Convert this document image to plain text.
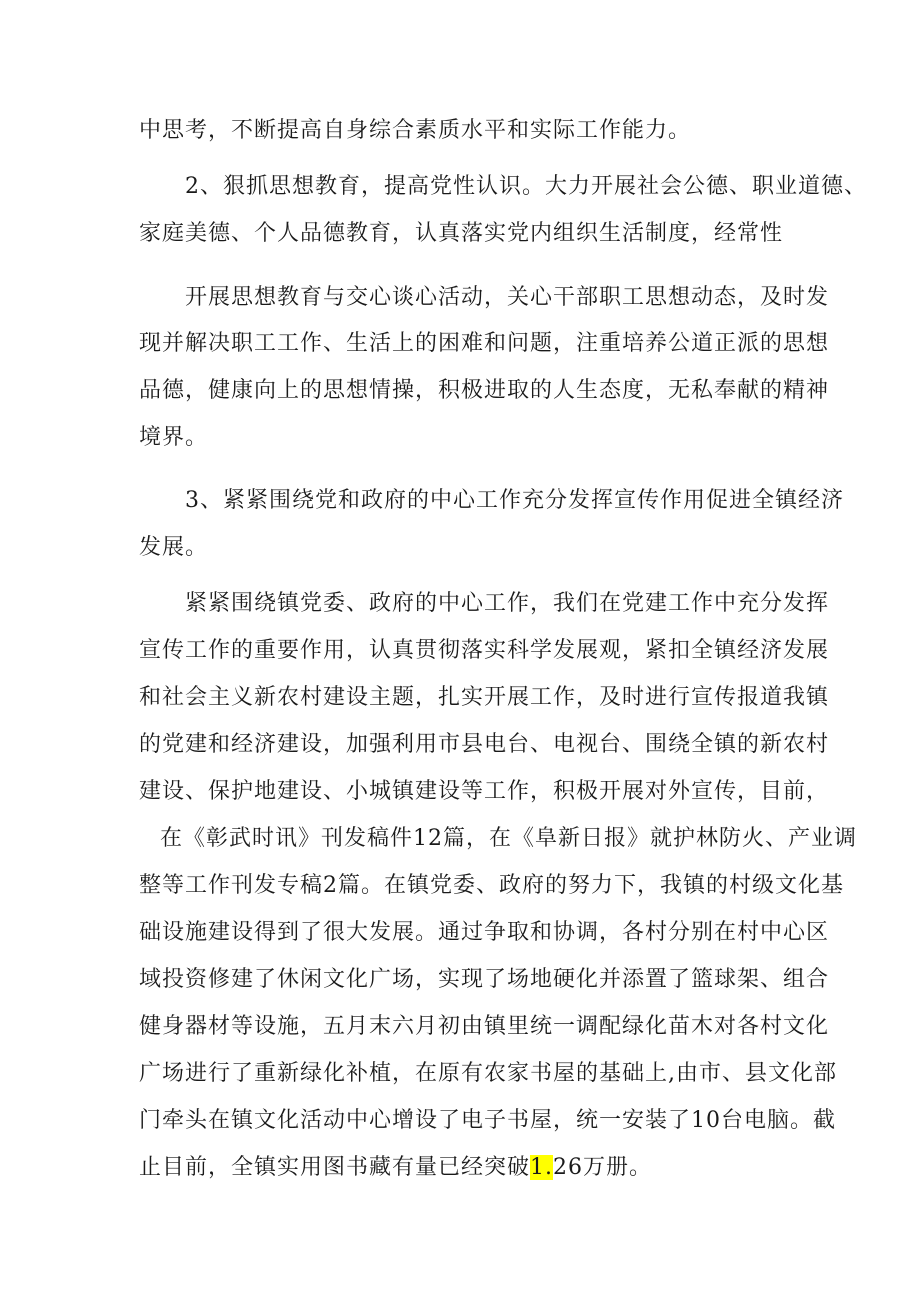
中思考，不断提高自身综合素质水平和实际工作能力。

2、狠抓思想教育，提高党性认识。大力开展社会公德、职业道德、

家庭美德、个人品德教育，认真落实党内组织生活制度，经常性

开展思想教育与交心谈心活动，关心干部职工思想动态，及时发

现并解决职工工作、生活上的困难和问题，注重培养公道正派的思想

品德，健康向上的思想情操，积极进取的人生态度，无私奉献的精神

境界。

3、紧紧围绕党和政府的中心工作充分发挥宣传作用促进全镇经济

发展。

紧紧围绕镇党委、政府的中心工作，我们在党建工作中充分发挥

宣传工作的重要作用，认真贯彻落实科学发展观，紧扣全镇经济发展

和社会主义新农村建设主题，扎实开展工作，及时进行宣传报道我镇

的党建和经济建设，加强利用市县电台、电视台、围绕全镇的新农村

建设、保护地建设、小城镇建设等工作，积极开展对外宣传，目前，

在《彰武时讯》刊发稿件12篇，在《阜新日报》就护林防火、产业调

整等工作刊发专稿2篇。在镇党委、政府的努力下，我镇的村级文化基

础设施建设得到了很大发展。通过争取和协调，各村分别在村中心区

域投资修建了休闲文化广场，实现了场地硬化并添置了篮球架、组合

健身器材等设施，五月末六月初由镇里统一调配绿化苗木对各村文化

广场进行了重新绿化补植，在原有农家书屋的基础上,由市、县文化部

门牵头在镇文化活动中心增设了电子书屋，统一安装了10台电脑。截

止目前，全镇实用图书藏有量已经突破1.26万册。
